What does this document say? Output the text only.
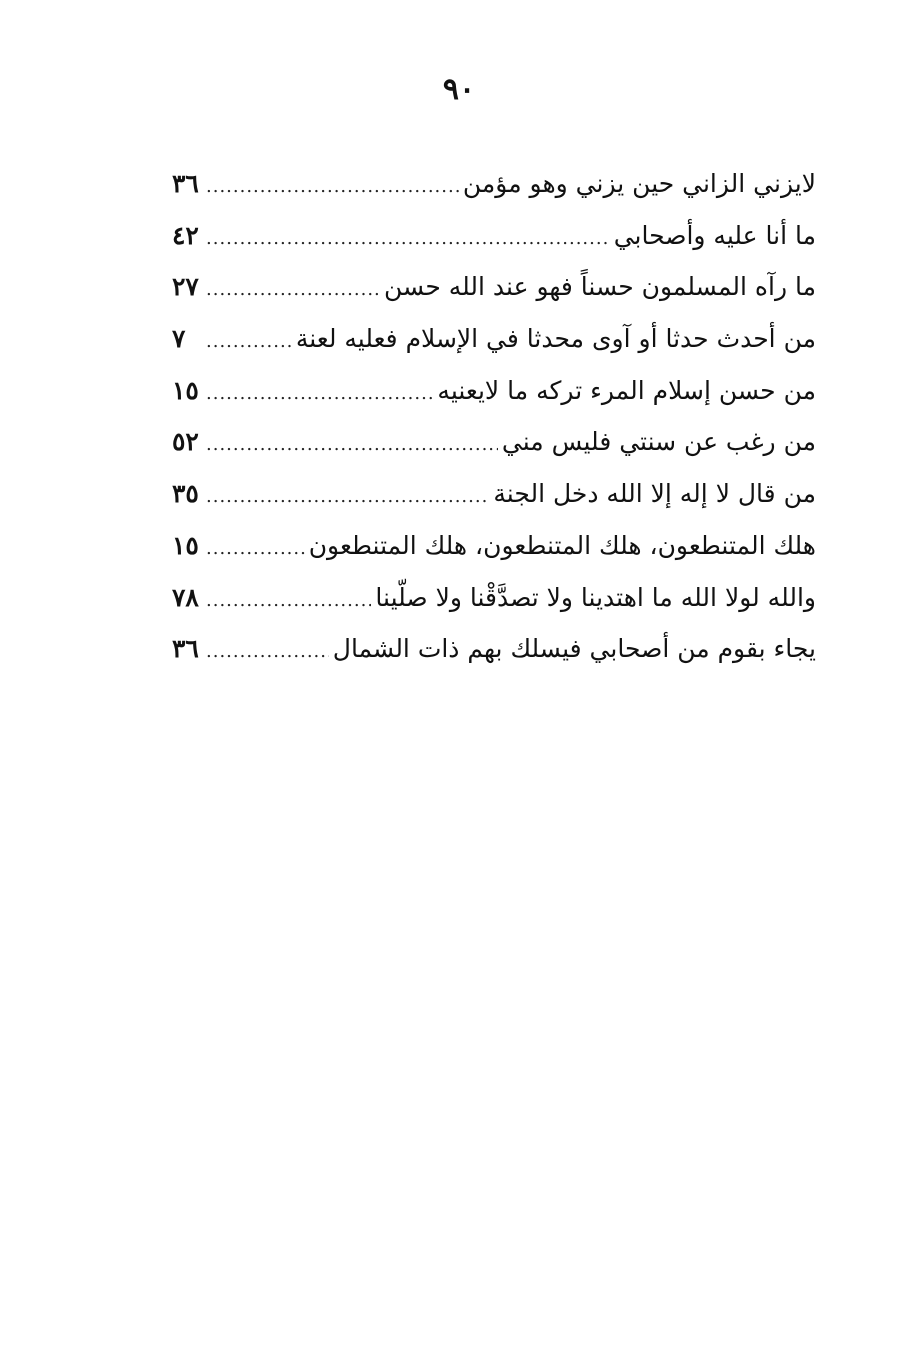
٩٠
لايزني الزاني حين يزني وهو مؤمن
.....
٣٦
ما أنا عليه وأصحابي
.....
٤٢
ما رآه المسلمون حسناً فهو عند الله حسن
.....
٢٧
من أحدث حدثا أو آوى محدثا في الإسلام فعليه لعنة
.....
٧
من حسن إسلام المرء تركه ما لايعنيه
.....
١٥
من رغب عن سنتي فليس مني
.....
٥٢
من قال لا إله إلا الله دخل الجنة
.....
٣٥
هلك المتنطعون، هلك المتنطعون، هلك المتنطعون
.....
١٥
والله لولا الله ما اهتدينا ولا تصدَّقْنا ولا صلّينا
.....
٧٨
يجاء بقوم من أصحابي فيسلك بهم ذات الشمال
.....
٣٦
